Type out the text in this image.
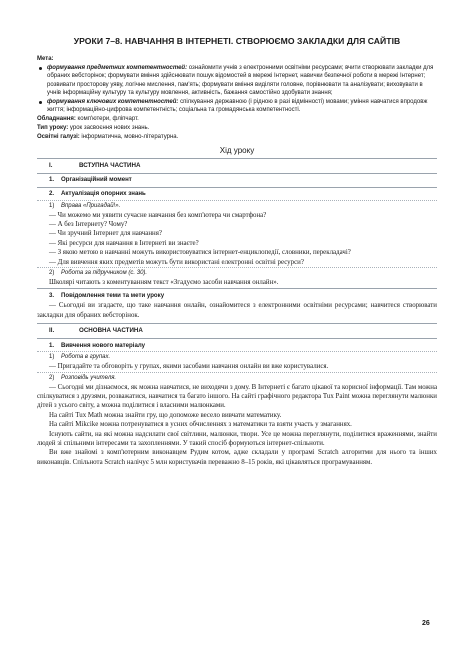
УРОКИ 7–8. НАВЧАННЯ В ІНТЕРНЕТІ. СТВОРЮЄМО ЗАКЛАДКИ ДЛЯ САЙТІВ
Мета:
формування предметних компетентностей: ознайомити учнів з електронними освітніми ресурсами; вчити створювати закладки для обраних вебсторінок; формувати вміння здійснювати пошук відомостей в мережі Інтернет, навички безпечної роботи в мережі Інтернет; розвивати просторову уяву, логічне мислення, пам'ять; формувати вміння виділяти головне, порівнювати та аналізувати; виховувати в учнів інформаційну культуру та культуру мовлення, активність, бажання самостійно здобувати знання;
формування ключових компетентностей: спілкування державною (і рідною в разі відмінності) мовами; уміння навчатися впродовж життя; інформаційно-цифрова компетентність; соціальна та громадянська компетентності.
Обладнання: комп'ютери, фліпчарт.
Тип уроку: урок засвоєння нових знань.
Освітні галузі: інформатична, мовно-літературна.
Хід уроку
I.	ВСТУПНА ЧАСТИНА
1. Організаційний момент
2. Актуалізація опорних знань
1) Вправа «Пригадай!».

— Чи можемо ми уявити сучасне навчання без комп'ютера чи смартфона?

— А без Інтернету? Чому?

— Чи зручний Інтернет для навчання?

— Які ресурси для навчання в Інтернеті ви знаєте?

— З якою метою в навчанні можуть використовуватися інтернет-енциклопедії, словники, перекладачі?

— Для вивчення яких предметів можуть бути використані електронні освітні ресурси?

2) Робота за підручником (с. 30).

Школярі читають з коментуванням текст «Згадуємо засоби навчання онлайн».

3. Повідомлення теми та мети уроку

— Сьогодні ви згадаєте, що таке навчання онлайн, ознайомитеся з електронними освітніми ресурсами; навчитеся створювати закладки для обраних вебсторінок.

II.	ОСНОВНА ЧАСТИНА
1. Вивчення нового матеріалу
1) Робота в групах.

— Пригадайте та обговоріть у групах, якими засобами навчання онлайн ви вже користувалися.

2) Розповідь учителя.

— Сьогодні ми дізнаємося, як можна навчатися, не виходячи з дому. В Інтернеті є багато цікавої та корисної інформації. Там можна спілкуватися з друзями, розважатися, навчатися та багато іншого. На сайті графічного редактора Tux Paint можна переглянути малюнки дітей з усього світу, а можна поділитися і власними малюнками.

На сайті Tux Math можна знайти гру, що допоможе весело вивчати математику.

На сайті Mikcike можна потренуватися в усних обчисленнях з математики та взяти участь у змаганнях.

Існують сайти, на які можна надсилати свої світлини, малюнки, твори. Усе це можна переглянути, поділитися враженнями, знайти людей зі спільними інтересами та захопленнями. У такий спосіб формуються інтернет-спільноти.

Ви вже знайомі з комп'ютерним виконавцем Рудим котом, адже складали у програмі Scratch алгоритми для нього та інших виконавців. Спільнота Scratch налічує 5 млн користувачів переважно 8–15 років, які цікавляться програмуванням.

26
